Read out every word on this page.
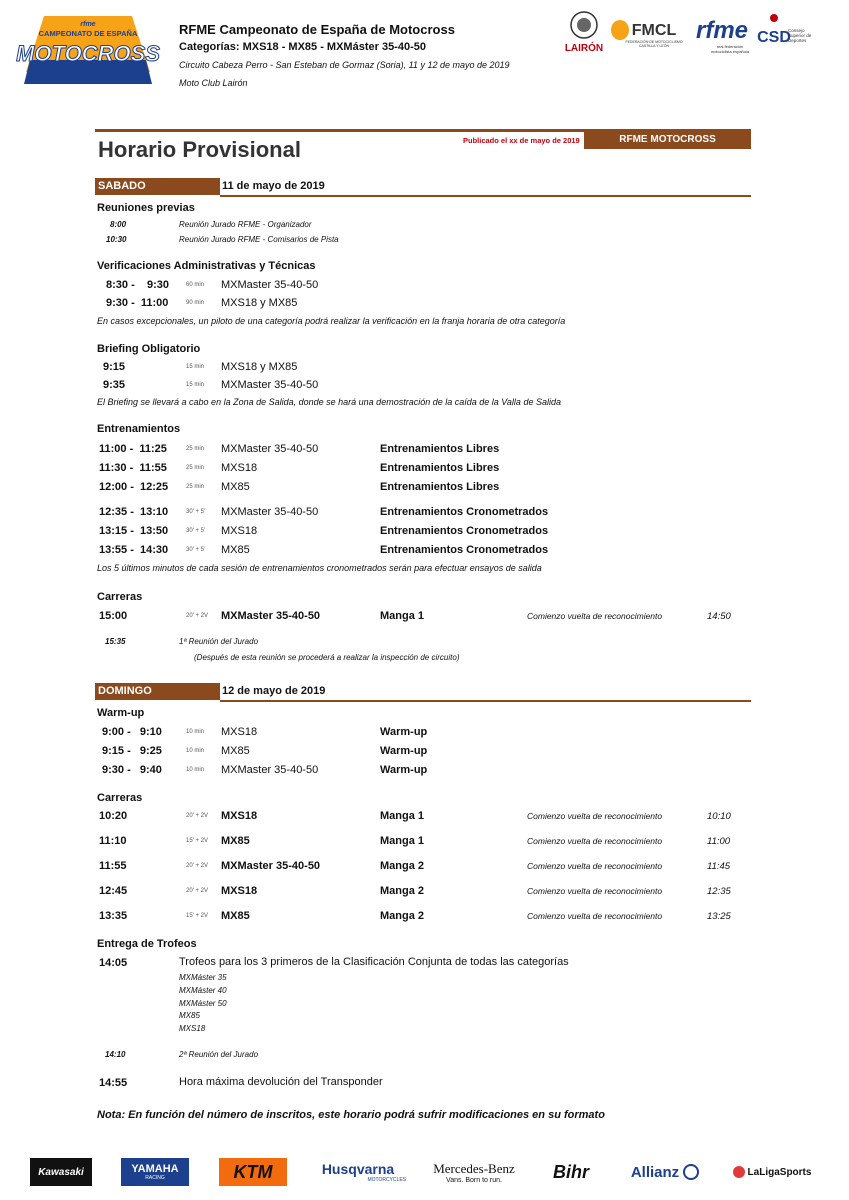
rfme
CAMPEONATO DE ESPAÑA
MOTOCROSS
RFME Campeonato de España de Motocross
Categorías: MXS18 - MX85 - MXMáster 35-40-50
Circuito Cabeza Perro - San Esteban de Gormaz (Soria), 11 y 12 de mayo de 2019
Moto Club Lairón
LAIRÓN
FMCL
FEDERACIÓN DE MOTOCICLISMO
CASTILLA Y LEÓN
rfme
real federación
motociclista española
CSD
Consejo
Superior de
Deportes
Horario Provisional	Publicado el xx de mayo de 2019	RFME MOTOCROSS
SABADO	11 de mayo de 2019
Reuniones previas
8:00	Reunión Jurado RFME - Organizador
10:30	Reunión Jurado RFME - Comisarios de Pista
Verificaciones Administrativas y Técnicas
8:30 -    9:30	60 min MXMaster 35-40-50
9:30 -  11:00	90 min MXS18 y MX85
En casos excepcionales, un piloto de una categoría podrá realizar la verificación en la franja horaria de otra categoría
Briefing Obligatorio
9:15	15 min MXS18 y MX85
9:35	15 min MXMaster 35-40-50
El Briefing se llevará a cabo en la Zona de Salida, donde se hará una demostración de la caída de la Valla de Salida
Entrenamientos
11:00 -  11:25	25 min MXMaster 35-40-50	Entrenamientos Libres
11:30 -  11:55	25 min MXS18	Entrenamientos Libres
12:00 -  12:25	25 min MX85	Entrenamientos Libres
12:35 -  13:10	30' + 5' MXMaster 35-40-50	Entrenamientos Cronometrados
13:15 -  13:50	30' + 5' MXS18	Entrenamientos Cronometrados
13:55 -  14:30	30' + 5' MX85	Entrenamientos Cronometrados
Los 5 últimos minutos de cada sesión de entrenamientos cronometrados serán para efectuar ensayos de salida
Carreras
15:00	20' + 2V MXMaster 35-40-50	Manga 1	Comienzo vuelta de reconocimiento	14:50
15:35	1ª Reunión del Jurado
(Después de esta reunión se procederá a realizar la inspección de circuito)
DOMINGO	12 de mayo de 2019
Warm-up
9:00 -   9:10	10 min MXS18	Warm-up
9:15 -   9:25	10 min MX85	Warm-up
9:30 -   9:40	10 min MXMaster 35-40-50	Warm-up
Carreras
10:20	20' + 2V MXS18	Manga 1	Comienzo vuelta de reconocimiento	10:10
11:10	15' + 2V MX85	Manga 1	Comienzo vuelta de reconocimiento	11:00
11:55	20' + 2V MXMaster 35-40-50	Manga 2	Comienzo vuelta de reconocimiento	11:45
12:45	20' + 2V MXS18	Manga 2	Comienzo vuelta de reconocimiento	12:35
13:35	15' + 2V MX85	Manga 2	Comienzo vuelta de reconocimiento	13:25
Entrega de Trofeos
14:05	Trofeos para los 3 primeros de la Clasificación Conjunta de todas las categorías
MXMáster 35
MXMáster 40
MXMáster 50
MX85
MXS18
14:10	2ª Reunión del Jurado
14:55	Hora máxima devolución del Transponder
Nota: En función del número de inscritos, este horario podrá sufrir modificaciones en su formato
Kawasaki	YAMAHA
RACING	KTM	Husqvarna
MOTORCYCLES
Mercedes-Benz
Vans. Born to run.	Bihr	Allianz	LaLigaSports
